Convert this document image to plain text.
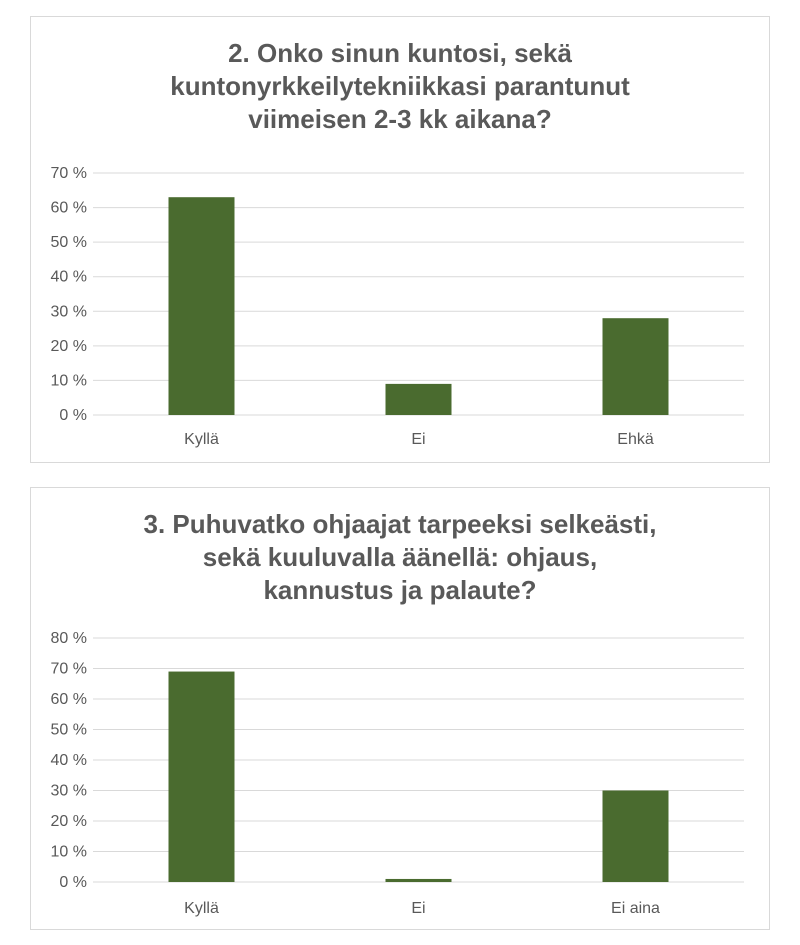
2. Onko sinun kuntosi, sekä
kuntonyrkkeilytekniikkasi parantunut
viimeisen 2-3 kk aikana?
0 %
10 %
20 %
30 %
40 %
50 %
60 %
70 %
Kyllä	Ei	Ehkä
3. Puhuvatko ohjaajat tarpeeksi selkeästi,
sekä kuuluvalla äänellä: ohjaus,
kannustus ja palaute?
0 %
10 %
20 %
30 %
40 %
50 %
60 %
70 %
80 %
Kyllä	Ei	Ei aina
